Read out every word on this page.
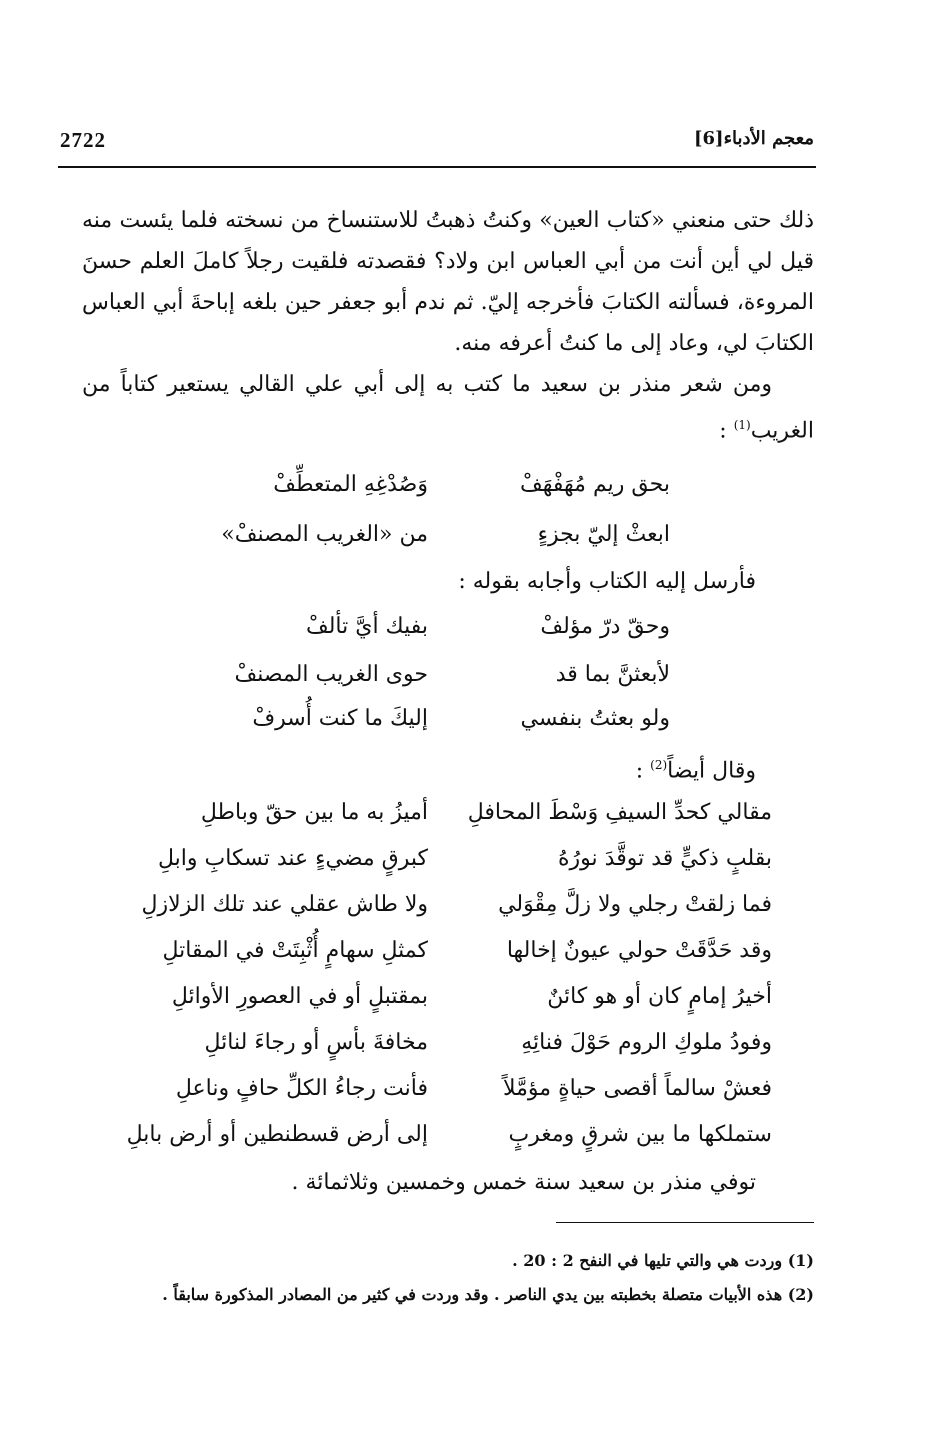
2722	معجم الأدباء[6]

ذلك حتى منعني «كتاب العين» وكنتُ ذهبتُ للاستنساخ من نسخته فلما يئست منه قيل لي أين أنت من أبي العباس ابن ولاد؟ فقصدته فلقيت رجلاً كاملَ العلم حسنَ المروءة، فسألته الكتابَ فأخرجه إليّ. ثم ندم أبو جعفر حين بلغه إباحةَ أبي العباس الكتابَ لي، وعاد إلى ما كنتُ أعرفه منه.

ومن شعر منذر بن سعيد ما كتب به إلى أبي علي القالي يستعير كتاباً من الغريب$^{(1)}$ :

بحق ريم مُهَفْهَفْ
وَصُدْغِهِ المتعطِّفْ
ابعثْ إليّ بجزءٍ
من «الغريب المصنفْ»
فأرسل إليه الكتاب وأجابه بقوله :
وحقّ درّ مؤلفْ
بفيك أيَّ تألفْ
لأبعثنَّ بما قد
حوى الغريب المصنفْ
ولو بعثتُ بنفسي
إليكَ ما كنت أُسرفْ
وقال أيضاً$^{(2)}$ :
مقالي كحدِّ السيفِ وَسْطَ المحافلِ
أميزُ به ما بين حقّ وباطلِ
بقلبٍ ذكيٍّ قد توقَّدَ نورُهُ
كبرقٍ مضيءٍ عند تسكابِ وابلِ
فما زلقتْ رجلي ولا زلَّ مِقْوَلي
ولا طاش عقلي عند تلك الزلازلِ
وقد حَدَّقَتْ حولي عيونٌ إخالها
كمثلِ سهامٍ أُثْبِتَتْ في المقاتلِ
أخيرُ إمامٍ كان أو هو كائنٌ
بمقتبلٍ أو في العصورِ الأوائلِ
وفودُ ملوكِ الروم حَوْلَ فنائِهِ
مخافةَ بأسٍ أو رجاءَ لنائلِ
فعشْ سالماً أقصى حياةٍ مؤمَّلاً
فأنت رجاءُ الكلِّ حافٍ وناعلِ
ستملكها ما بين شرقٍ ومغربٍ
إلى أرض قسطنطين أو أرض بابلِ
توفي منذر بن سعيد سنة خمس وخمسين وثلاثمائة .
(1) وردت هي والتي تليها في النفح 2 : 20 .
(2) هذه الأبيات متصلة بخطبته بين يدي الناصر . وقد وردت في كثير من المصادر المذكورة سابقاً .
